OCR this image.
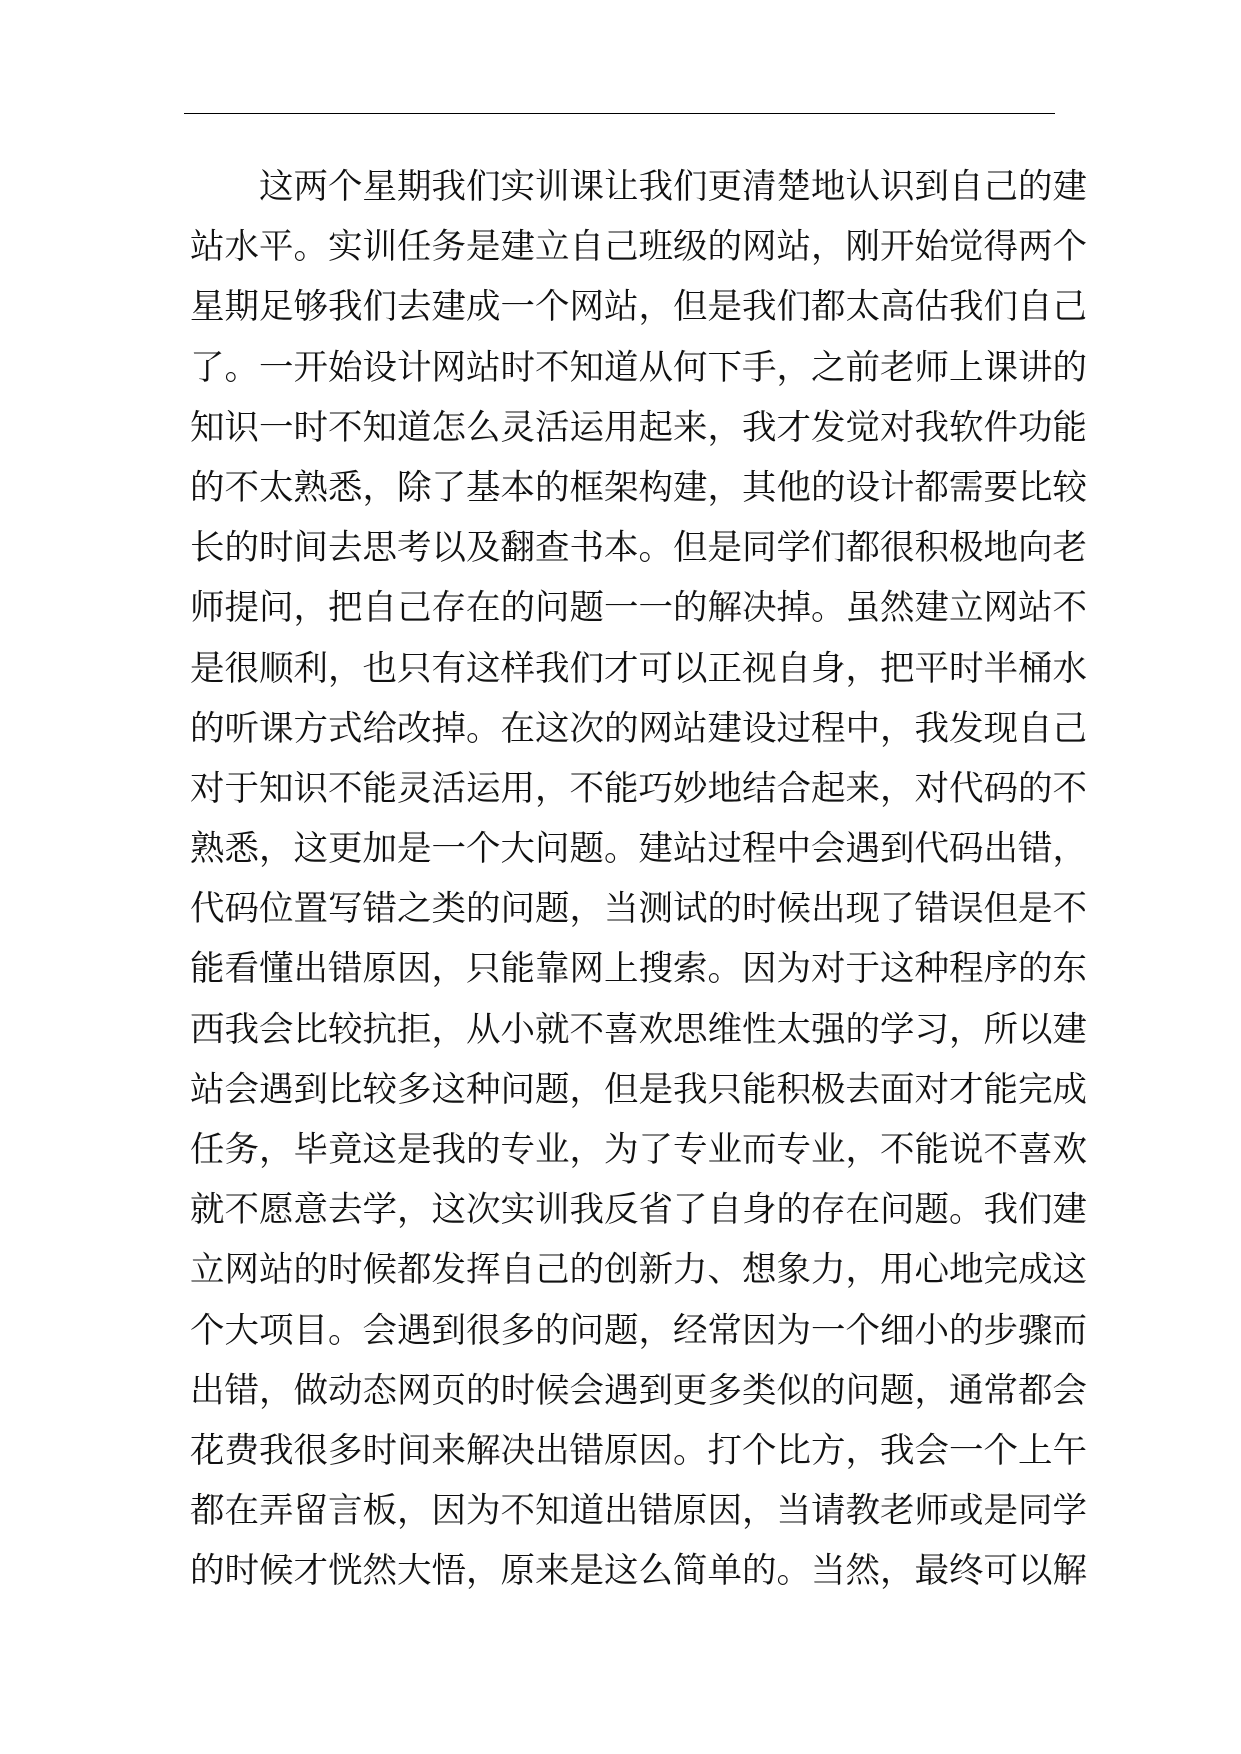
　　这两个星期我们实训课让我们更清楚地认识到自己的建
站水平。实训任务是建立自己班级的网站，刚开始觉得两个
星期足够我们去建成一个网站，但是我们都太高估我们自己
了。一开始设计网站时不知道从何下手，之前老师上课讲的
知识一时不知道怎么灵活运用起来，我才发觉对我软件功能
的不太熟悉，除了基本的框架构建，其他的设计都需要比较
长的时间去思考以及翻查书本。但是同学们都很积极地向老
师提问，把自己存在的问题一一的解决掉。虽然建立网站不
是很顺利，也只有这样我们才可以正视自身，把平时半桶水
的听课方式给改掉。在这次的网站建设过程中，我发现自己
对于知识不能灵活运用，不能巧妙地结合起来，对代码的不
熟悉，这更加是一个大问题。建站过程中会遇到代码出错，
代码位置写错之类的问题，当测试的时候出现了错误但是不
能看懂出错原因，只能靠网上搜索。因为对于这种程序的东
西我会比较抗拒，从小就不喜欢思维性太强的学习，所以建
站会遇到比较多这种问题，但是我只能积极去面对才能完成
任务，毕竟这是我的专业，为了专业而专业，不能说不喜欢
就不愿意去学，这次实训我反省了自身的存在问题。我们建
立网站的时候都发挥自己的创新力、想象力，用心地完成这
个大项目。会遇到很多的问题，经常因为一个细小的步骤而
出错，做动态网页的时候会遇到更多类似的问题，通常都会
花费我很多时间来解决出错原因。打个比方，我会一个上午
都在弄留言板，因为不知道出错原因，当请教老师或是同学
的时候才恍然大悟，原来是这么简单的。当然，最终可以解
